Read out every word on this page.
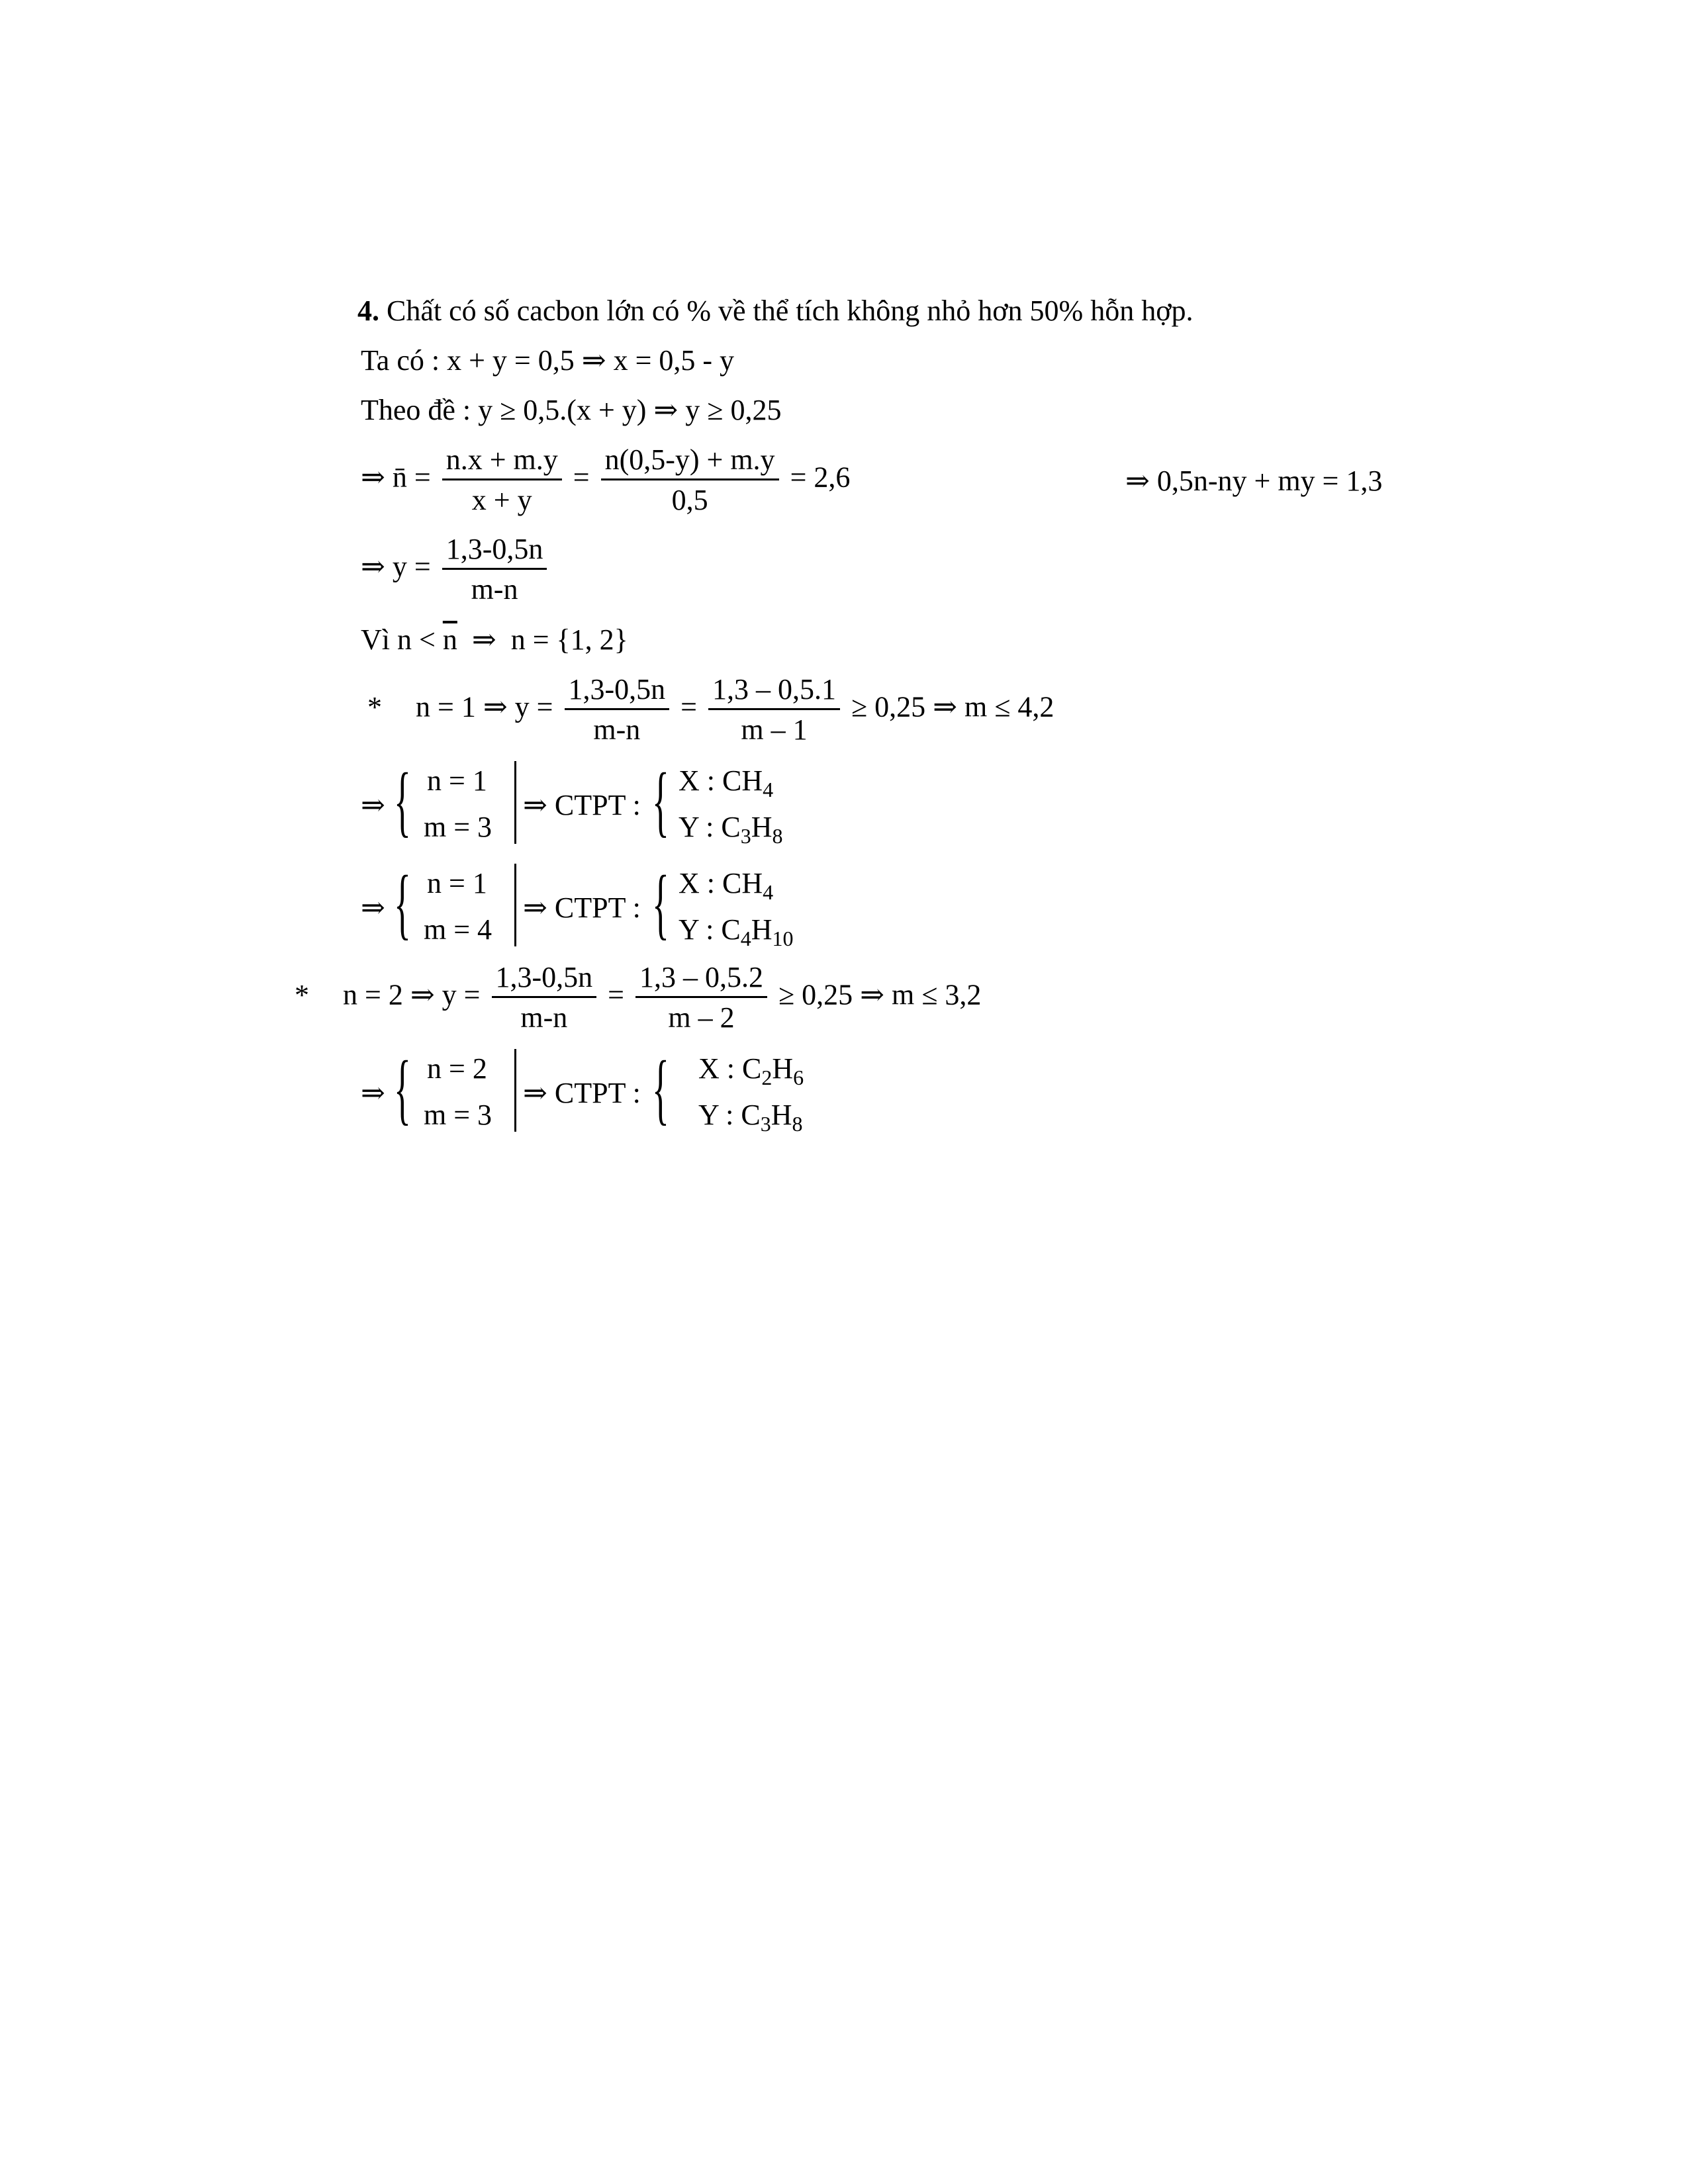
4. Chất có số cacbon lớn có % về thể tích không nhỏ hơn 50% hỗn hợp.
Ta có : x + y = 0,5 ⇒ x = 0,5 - y
Theo đề : y ≥ 0,5.(x + y) ⇒ y ≥ 0,25
⇒ n̄ = $\frac{n.x + m.y}{x + y} = \frac{n(0,5-y) + m.y}{0,5} = 2,6$	⇒ 0,5n-ny + my = 1,3
⇒ $y = \frac{1,3-0,5n}{m-n}$
Vì $n < \overline{n}$  ⇒  n = {1, 2}
* n = 1 ⇒ $y = \frac{1,3-0,5n}{m-n} = \frac{1,3 - 0,5.1}{m - 1} \ge 0,25$ ⇒ m ≤ 4,2
⇒ { n = 1
m = 3
⇒ CTPT : { X : $CH_4$
Y : $C_3H_8$
⇒ { n = 1
m = 4
⇒ CTPT : { X : $CH_4$
Y : $C_4H_{10}$
* n = 2 ⇒ $y = \frac{1,3-0,5n}{m-n} = \frac{1,3 - 0,5.2}{m - 2} \ge 0,25$ ⇒ m ≤ 3,2
⇒ { n = 2
m = 3
⇒ CTPT : { X : $C_2H_6$
Y : $C_3H_8$
